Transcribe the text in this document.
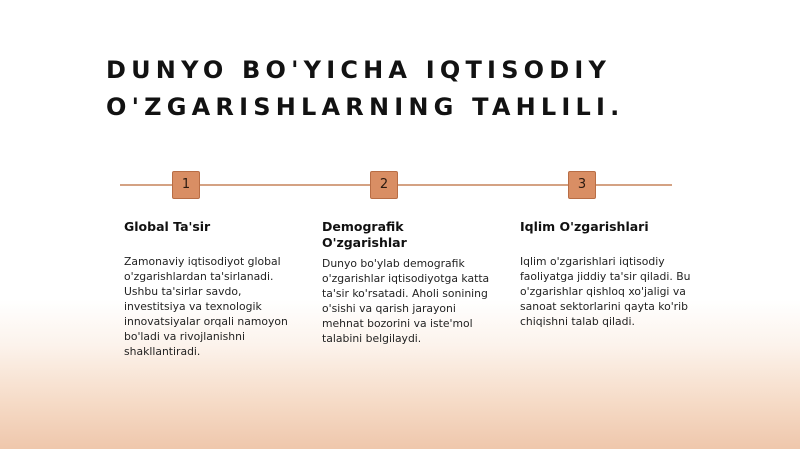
DUNYO BO'YICHA IQTISODIY
O'ZGARISHLARNING TAHLILI.
1	2	3
Global Ta'sir

Zamonaviy iqtisodiyot global o'zgarishlardan ta'sirlanadi. Ushbu ta'sirlar savdo, investitsiya va texnologik innovatsiyalar orqali namoyon bo'ladi va rivojlanishni shakllantiradi.

Demografik O'zgarishlar

Dunyo bo'ylab demografik o'zgarishlar iqtisodiyotga katta ta'sir ko'rsatadi. Aholi sonining o'sishi va qarish jarayoni mehnat bozorini va iste'mol talabini belgilaydi.

Iqlim O'zgarishlari

Iqlim o'zgarishlari iqtisodiy faoliyatga jiddiy ta'sir qiladi. Bu o'zgarishlar qishloq xo'jaligi va sanoat sektorlarini qayta ko'rib chiqishni talab qiladi.
